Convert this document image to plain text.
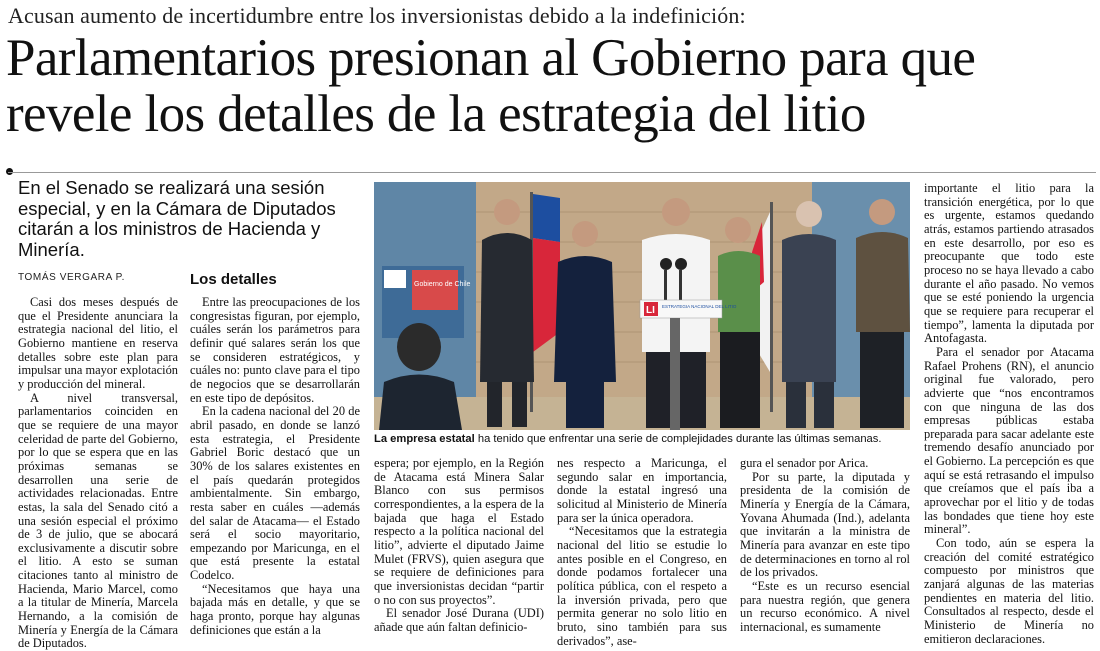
Acusan aumento de incertidumbre entre los inversionistas debido a la indefinición:
Parlamentarios presionan al Gobierno para que revele los detalles de la estrategia del litio
En el Senado se realizará una sesión especial, y en la Cámara de Diputados citarán a los ministros de Hacienda y Minería.
TOMÁS VERGARA P.

Casi dos meses después de que el Presidente anunciara la estrategia nacional del litio, el Gobierno mantiene en reserva detalles sobre este plan para impulsar una mayor explotación y producción del mineral.

A nivel transversal, parlamentarios coinciden en que se requiere de una mayor celeridad de parte del Gobierno, por lo que se espera que en las próximas semanas se desarrollen una serie de actividades relacionadas. Entre estas, la sala del Senado citó a una sesión especial el próximo de 3 de julio, que se abocará exclusivamente a discutir sobre el litio. A esto se suman citaciones tanto al ministro de Hacienda, Mario Marcel, como a la titular de Minería, Marcela Hernando, a la comisión de Minería y Energía de la Cámara de Diputados.

Los detalles

Entre las preocupaciones de los congresistas figuran, por ejemplo, cuáles serán los parámetros para definir qué salares serán los que se consideren estratégicos, y cuáles no: punto clave para el tipo de negocios que se desarrollarán en este tipo de depósitos.

En la cadena nacional del 20 de abril pasado, en donde se lanzó esta estrategia, el Presidente Gabriel Boric destacó que un 30% de los salares existentes en el país quedarán protegidos ambientalmente. Sin embargo, resta saber en cuáles —además del salar de Atacama— el Estado será el socio mayoritario, empezando por Maricunga, en el que está presente la estatal Codelco.

“Necesitamos que haya una bajada más en detalle, y que se haga pronto, porque hay algunas definiciones que están a la

Gobierno de Chile
LI ESTRATEGIA NACIONAL DEL LITIO
La empresa estatal ha tenido que enfrentar una serie de complejidades durante las últimas semanas.

espera; por ejemplo, en la Región de Atacama está Minera Salar Blanco con sus permisos correspondientes, a la espera de la bajada que haga el Estado respecto a la política nacional del litio”, advierte el diputado Jaime Mulet (FRVS), quien asegura que se requiere de definiciones para que inversionistas decidan “partir o no con sus proyectos”.

El senador José Durana (UDI) añade que aún faltan definicio-

nes respecto a Maricunga, el segundo salar en importancia, donde la estatal ingresó una solicitud al Ministerio de Minería para ser la única operadora.

“Necesitamos que la estrategia nacional del litio se estudie lo antes posible en el Congreso, en donde podamos fortalecer una política pública, con el respeto a la inversión privada, pero que permita generar no solo litio en bruto, sino también para sus derivados”, ase-

gura el senador por Arica.

Por su parte, la diputada y presidenta de la comisión de Minería y Energía de la Cámara, Yovana Ahumada (Ind.), adelanta que invitarán a la ministra de Minería para avanzar en este tipo de determinaciones en torno al rol de los privados.

“Este es un recurso esencial para nuestra región, que genera un recurso económico. A nivel internacional, es sumamente

importante el litio para la transición energética, por lo que es urgente, estamos quedando atrás, estamos partiendo atrasados en este desarrollo, por eso es preocupante que todo este proceso no se haya llevado a cabo durante el año pasado. No vemos que se esté poniendo la urgencia que se requiere para recuperar el tiempo”, lamenta la diputada por Antofagasta.

Para el senador por Atacama Rafael Prohens (RN), el anuncio original fue valorado, pero advierte que “nos encontramos con que ninguna de las dos empresas públicas estaba preparada para sacar adelante este tremendo desafío anunciado por el Gobierno. La percepción es que aquí se está retrasando el impulso que creíamos que el país iba a aprovechar por el litio y de todas las bondades que tiene hoy este mineral”.

Con todo, aún se espera la creación del comité estratégico compuesto por ministros que zanjará algunas de las materias pendientes en materia del litio. Consultados al respecto, desde el Ministerio de Minería no emitieron declaraciones.
